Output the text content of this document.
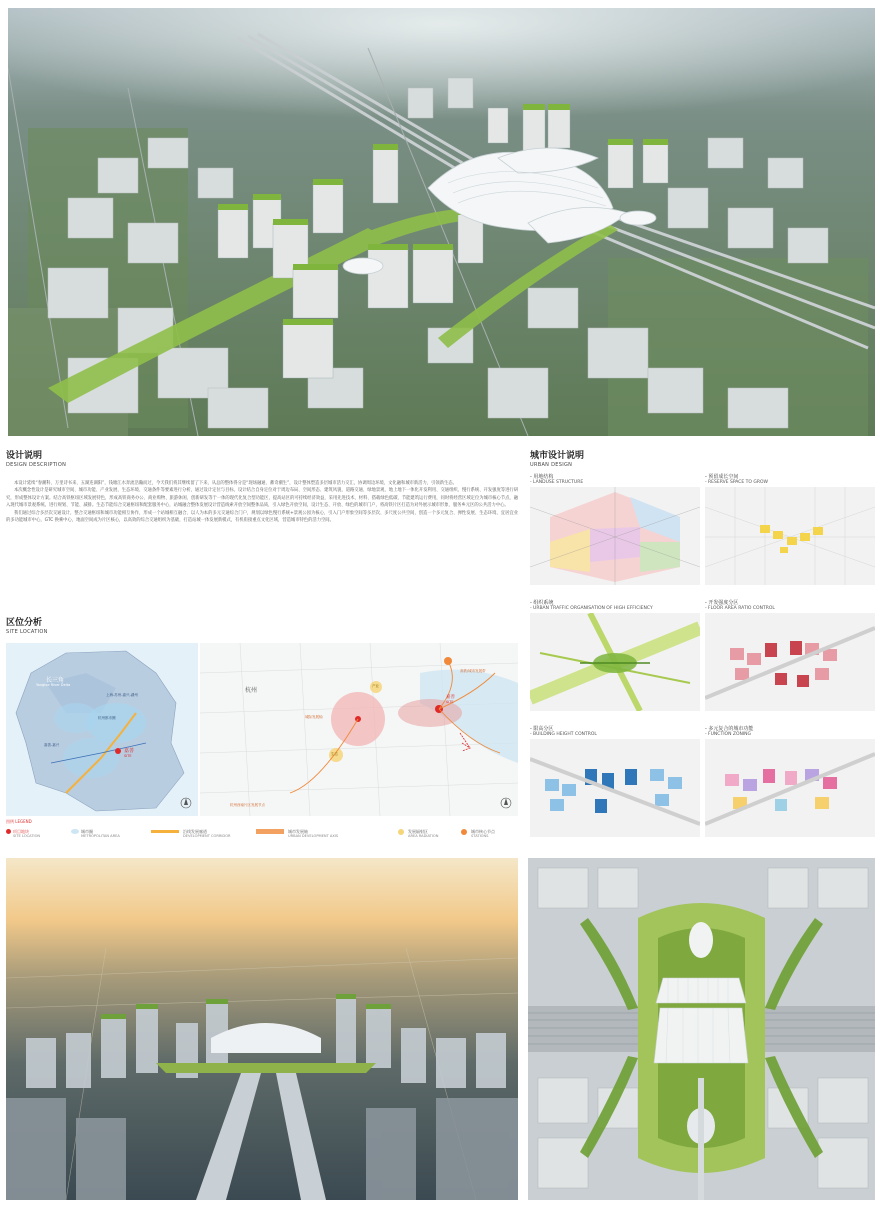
设计说明
DESIGN DESCRIPTION
本设计延续“春潮科、万里诗书来、五湖连湖阳”，钱塘江水奔流浩瀚而过，今天我们将其继续留了下来，从总的整体得分是“现场融通、蓄奇潮生”，设计整体塑造多层城市活力交汇，协调周边环境，文化融和城市新活力，引领新生态。
本次概念性设计是研究城市空间、城市功能、产业发展、生态环境、交通条件等要素进行分析，通过设计定位与目标，设计结合自身定位对于周边布局、空间形态、建筑风貌、道路交通、绿地景观、地上地下一体化开发利用、交通组织、慢行系统、开发强度等进行研究，形成整体设计方案。结合高铁枢纽区域发展特色，形成高铁商务办公、商业购物、旅游休闲、创新研发等于一体的现代化复合型功能区，提高站区的可持续经济效益，采用先进技术、材料、搭载绿色低碳、节能建筑运行费用，同时将经营区域定位为城市核心节点，融入现代城市景观系统。进行规划、节能、减排。生态节能综合交通枢纽和配套服务中心，站城融合整体发展设计营造线索开放空间整体品质，引入绿色开放空间，设计生态、开放、绿色的城市门户，将高铁片区打造为对外展示城市形象、服务乡元区的公共活力中心。
我们通过综合多层次交通设计，整合交通枢纽和城市功能相互协作，形成一个站城相互融合、以人为本的多元交通综合门户，规划以绿色慢行系统+景观公园为核心，引入门户形象空间等多层次、多尺度公共空间，创造一个多元复合、弹性发展、生态环境、宜居宜业的多功能城市中心，GTC 换乘中心，地面空间成为片区核心，以高效的综合交通组织为基础，打造站城一体发展新模式，有机衔接重点文化区域，营造城市特色的活力空间。
区位分析
SITE LOCATION
长三角
Yangtze River Delta
上海-苏州-嘉兴-湖州
杭州都市圈
嘉善-嘉兴
嘉善
SITE
杭州
嘉善
SITE
高铁/城市发展带
城际发展轴
杭州西南片区发展节点
产业
生态
图例 LEGEND
项目地块
SITE LOCATION
城市圈
METROPOLITAN AREA
沿线发展廊道
DEVELOPMENT CORRIDOR
城市发展轴
URBAN DEVELOPMENT AXIS
发展辐射区
AREA RADIATION
城市核心节点
STATIONS
城市设计说明
URBAN DESIGN
- 用地结构
- LANDUSE STRUCTURE
- 预留成长空间
- RESERVE SPACE TO GROW
- 组织系统
- URBAN TRAFFIC ORGANISATION OF HIGH EFFICIENCY
- 开发强度分区
- FLOOR AREA RATIO CONTROL
- 限高分区
- BUILDING HEIGHT CONTROL
- 多元复合的城市功能
- FUNCTION ZONING
